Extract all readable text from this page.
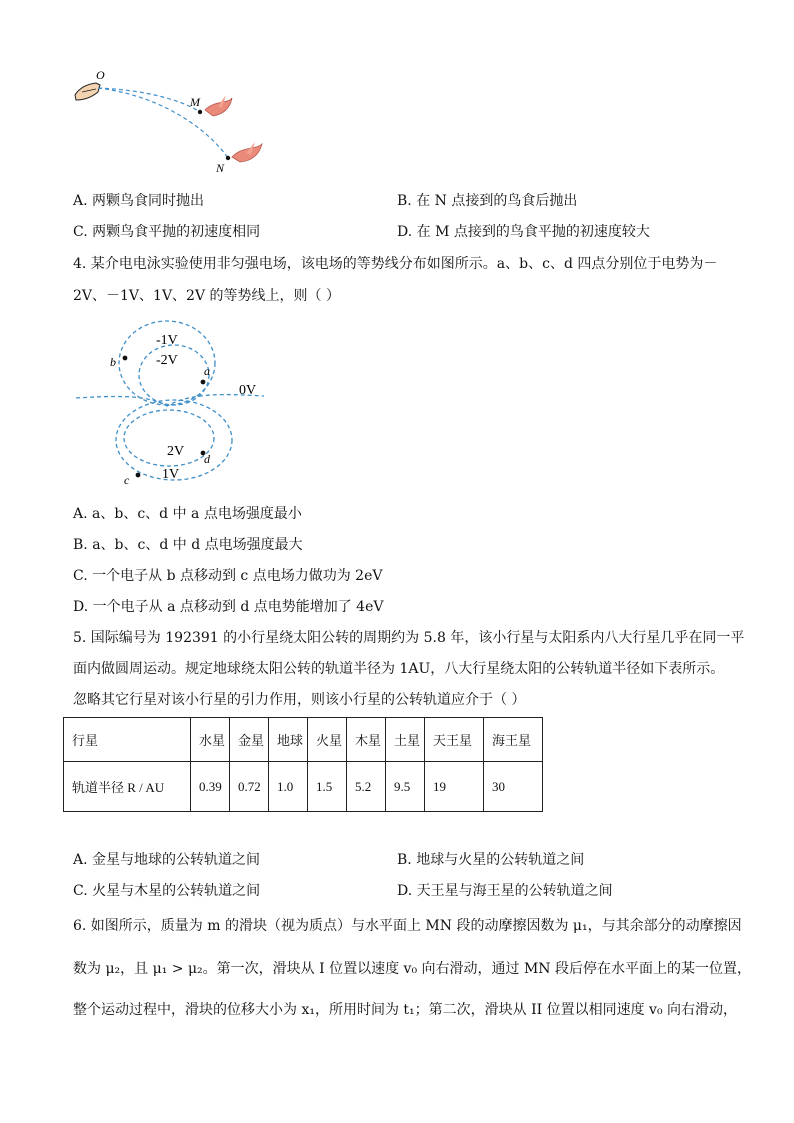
O
M
N
A. 两颗鸟食同时抛出	B. 在 N 点接到的鸟食后抛出
C. 两颗鸟食平抛的初速度相同	D. 在 M 点接到的鸟食平抛的初速度较大
4. 某介电电泳实验使用非匀强电场，该电场的等势线分布如图所示。a、b、c、d 四点分别位于电势为－
2V、－1V、1V、2V 的等势线上，则（ ）
-1V
-2V
0V
2V
1V
a
b
c
d
A. a、b、c、d 中 a 点电场强度最小
B. a、b、c、d 中 d 点电场强度最大
C. 一个电子从 b 点移动到 c 点电场力做功为 2eV
D. 一个电子从 a 点移动到 d 点电势能增加了 4eV
5. 国际编号为 192391 的小行星绕太阳公转的周期约为 5.8 年，该小行星与太阳系内八大行星几乎在同一平
面内做圆周运动。规定地球绕太阳公转的轨道半径为 1AU，八大行星绕太阳的公转轨道半径如下表所示。
忽略其它行星对该小行星的引力作用，则该小行星的公转轨道应介于（ ）
行星	水星	金星	地球	火星	木星	土星	天王星	海王星
轨道半径 R / AU	0.39	0.72	1.0	1.5	5.2	9.5	19	30
A. 金星与地球的公转轨道之间	B. 地球与火星的公转轨道之间
C. 火星与木星的公转轨道之间	D. 天王星与海王星的公转轨道之间
6. 如图所示，质量为 m 的滑块（视为质点）与水平面上 MN 段的动摩擦因数为 μ₁，与其余部分的动摩擦因
数为 μ₂，且 μ₁ > μ₂。第一次，滑块从 I 位置以速度 v₀ 向右滑动，通过 MN 段后停在水平面上的某一位置，
整个运动过程中，滑块的位移大小为 x₁，所用时间为 t₁；第二次，滑块从 II 位置以相同速度 v₀ 向右滑动，
